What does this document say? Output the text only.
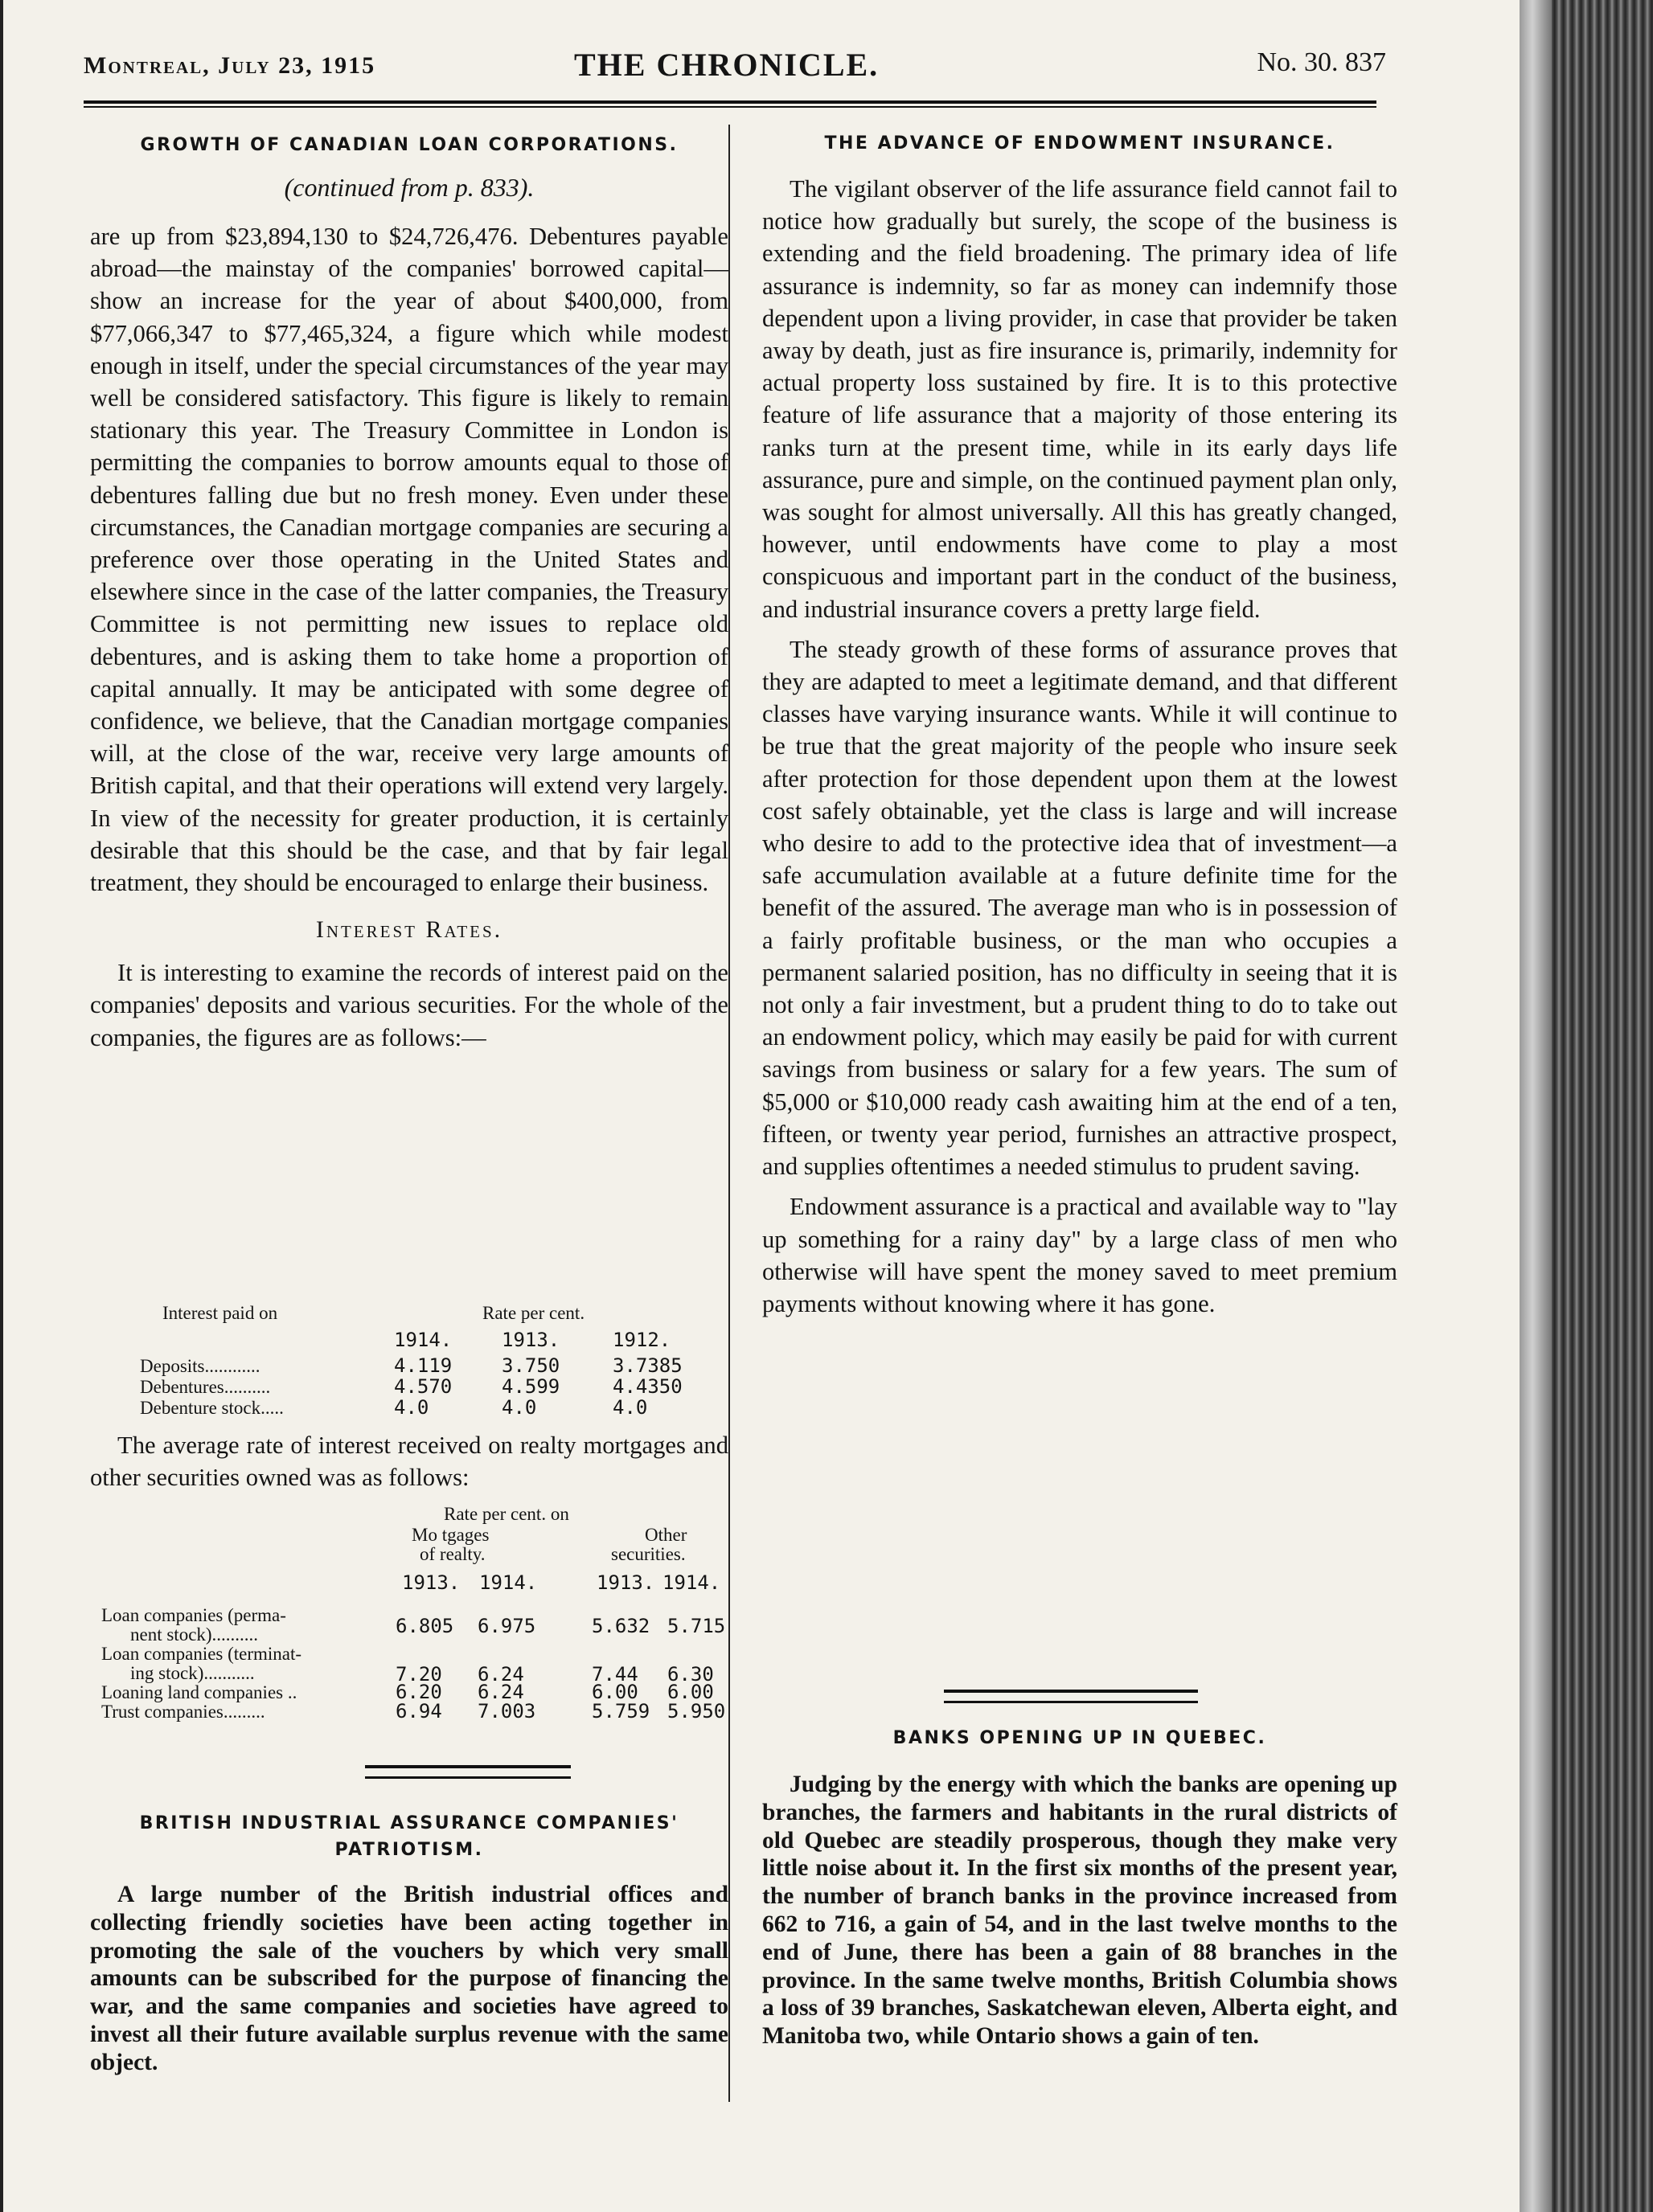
Montreal, July 23, 1915	THE CHRONICLE.	No. 30. 837
GROWTH OF CANADIAN LOAN CORPORATIONS.
(continued from p. 833).

are up from $23,894,130 to $24,726,476. Debentures payable abroad—the mainstay of the companies' borrowed capital—show an increase for the year of about $400,000, from $77,066,347 to $77,465,324, a figure which while modest enough in itself, under the special circumstances of the year may well be considered satisfactory. This figure is likely to remain stationary this year. The Treasury Committee in London is permitting the companies to borrow amounts equal to those of debentures falling due but no fresh money. Even under these circumstances, the Canadian mortgage companies are securing a preference over those operating in the United States and elsewhere since in the case of the latter companies, the Treasury Committee is not permitting new issues to replace old debentures, and is asking them to take home a proportion of capital annually. It may be anticipated with some degree of confidence, we believe, that the Canadian mortgage companies will, at the close of the war, receive very large amounts of British capital, and that their operations will extend very largely. In view of the necessity for greater production, it is certainly desirable that this should be the case, and that by fair legal treatment, they should be encouraged to enlarge their business.

Interest Rates.

It is interesting to examine the records of interest paid on the companies' deposits and various securities. For the whole of the companies, the figures are as follows:—

Interest paid on	Rate per cent.
1914.	1913.	1912.
Deposits............	4.119	3.750	3.7385
Debentures..........	4.570	4.599	4.4350
Debenture stock.....	4.0	4.0	4.0

The average rate of interest received on realty mortgages and other securities owned was as follows:

Rate per cent. on
Mo tgages
of realty.
Other
securities.
1913. 1914.	1913. 1914.
Loan companies (perma-
nent stock)..........	6.805 6.975	5.632 5.715
Loan companies (terminat-
ing stock)...........	7.20 6.24	7.44 6.30
Loaning land companies ..	6.20 6.24	6.00 6.00
Trust companies.........	6.94 7.003	5.759 5.950
BRITISH INDUSTRIAL ASSURANCE COMPANIES'
PATRIOTISM.

A large number of the British industrial offices and collecting friendly societies have been acting together in promoting the sale of the vouchers by which very small amounts can be subscribed for the purpose of financing the war, and the same companies and societies have agreed to invest all their future available surplus revenue with the same object.

THE ADVANCE OF ENDOWMENT INSURANCE.

The vigilant observer of the life assurance field cannot fail to notice how gradually but surely, the scope of the business is extending and the field broadening. The primary idea of life assurance is indemnity, so far as money can indemnify those dependent upon a living provider, in case that provider be taken away by death, just as fire insurance is, primarily, indemnity for actual property loss sustained by fire. It is to this protective feature of life assurance that a majority of those entering its ranks turn at the present time, while in its early days life assurance, pure and simple, on the continued payment plan only, was sought for almost universally. All this has greatly changed, however, until endowments have come to play a most conspicuous and important part in the conduct of the business, and industrial insurance covers a pretty large field.

The steady growth of these forms of assurance proves that they are adapted to meet a legitimate demand, and that different classes have varying insurance wants. While it will continue to be true that the great majority of the people who insure seek after protection for those dependent upon them at the lowest cost safely obtainable, yet the class is large and will increase who desire to add to the protective idea that of investment—a safe accumulation available at a future definite time for the benefit of the assured. The average man who is in possession of a fairly profitable business, or the man who occupies a permanent salaried position, has no difficulty in seeing that it is not only a fair investment, but a prudent thing to do to take out an endowment policy, which may easily be paid for with current savings from business or salary for a few years. The sum of $5,000 or $10,000 ready cash awaiting him at the end of a ten, fifteen, or twenty year period, furnishes an attractive prospect, and supplies oftentimes a needed stimulus to prudent saving.

Endowment assurance is a practical and available way to "lay up something for a rainy day" by a large class of men who otherwise will have spent the money saved to meet premium payments without knowing where it has gone.

BANKS OPENING UP IN QUEBEC.

Judging by the energy with which the banks are opening up branches, the farmers and habitants in the rural districts of old Quebec are steadily prosperous, though they make very little noise about it. In the first six months of the present year, the number of branch banks in the province increased from 662 to 716, a gain of 54, and in the last twelve months to the end of June, there has been a gain of 88 branches in the province. In the same twelve months, British Columbia shows a loss of 39 branches, Saskatchewan eleven, Alberta eight, and Manitoba two, while Ontario shows a gain of ten.
